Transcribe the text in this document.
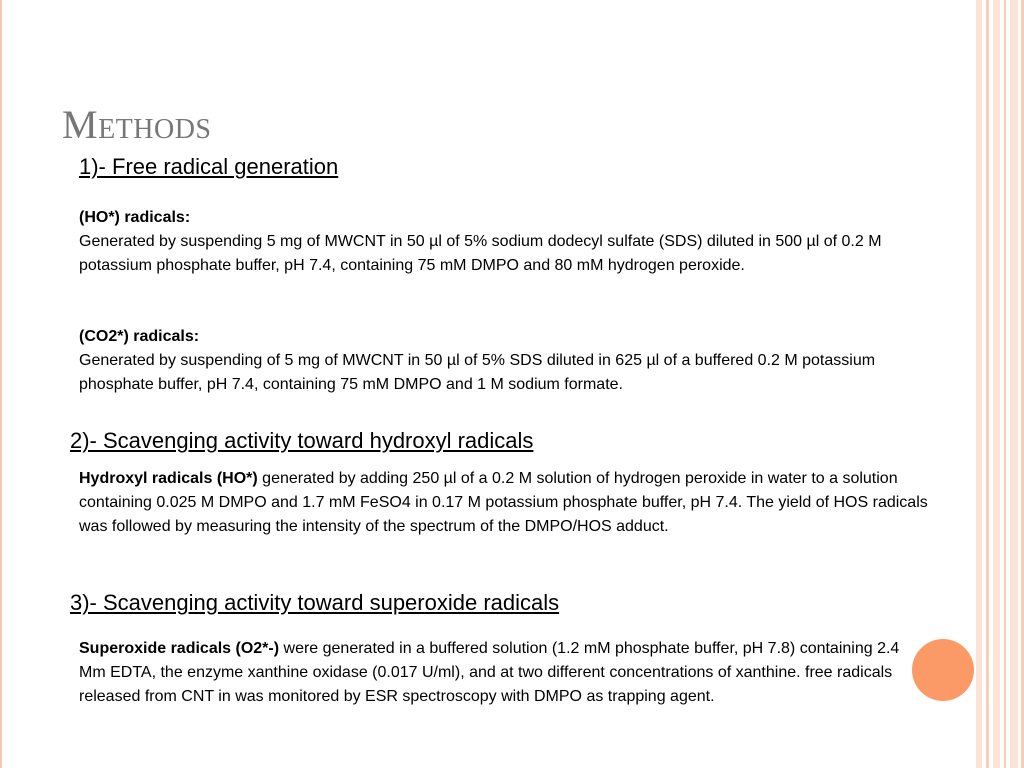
Methods
1)- Free radical generation
(HO*) radicals:
Generated by suspending 5 mg of MWCNT in 50 µl of 5% sodium dodecyl sulfate (SDS) diluted in 500 µl of 0.2 M potassium phosphate buffer, pH 7.4, containing 75 mM DMPO and 80 mM hydrogen peroxide.
(CO2*) radicals:
Generated by suspending of 5 mg of MWCNT in 50 µl of 5% SDS diluted in 625 µl of a buffered 0.2 M potassium phosphate buffer, pH 7.4, containing 75 mM DMPO and 1 M sodium formate.
2)- Scavenging activity toward hydroxyl radicals
Hydroxyl radicals (HO*) generated by adding 250 µl of a 0.2 M solution of hydrogen peroxide in water to a solution containing 0.025 M DMPO and 1.7 mM FeSO4 in 0.17 M potassium phosphate buffer, pH 7.4. The yield of HOS radicals was followed by measuring the intensity of the spectrum of the DMPO/HOS adduct.
3)- Scavenging activity toward superoxide radicals
Superoxide radicals (O2*-) were generated in a buffered solution (1.2 mM phosphate buffer, pH 7.8) containing 2.4 Mm EDTA, the enzyme xanthine oxidase (0.017 U/ml), and at two different concentrations of xanthine. free radicals released from CNT in was monitored by ESR spectroscopy with DMPO as trapping agent.
